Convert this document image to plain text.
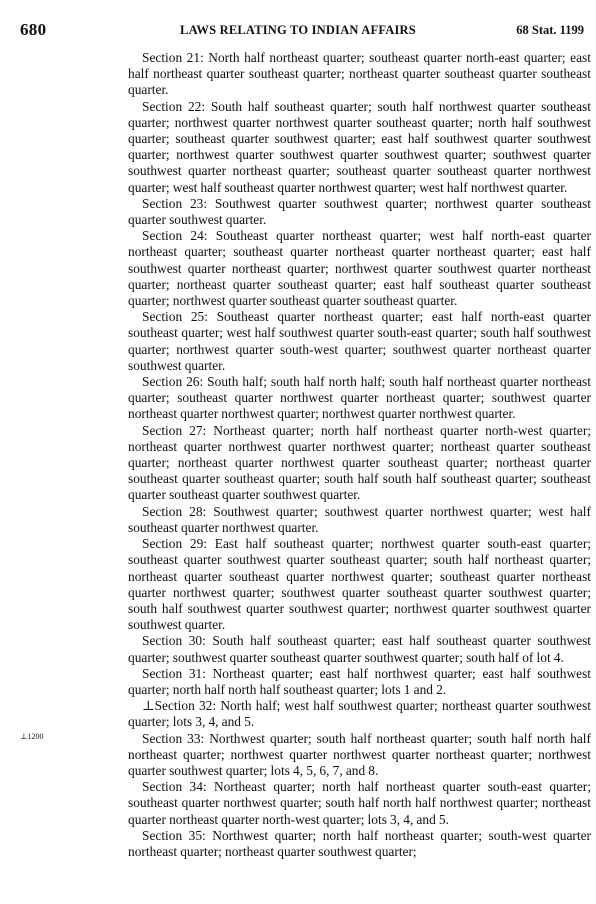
680	LAWS RELATING TO INDIAN AFFAIRS	68 Stat. 1199
⊥1200

Section 21: North half northeast quarter; southeast quarter north-east quarter; east half northeast quarter southeast quarter; northeast quarter southeast quarter southeast quarter.

Section 22: South half southeast quarter; south half northwest quarter southeast quarter; northwest quarter northwest quarter southeast quarter; north half southwest quarter; southeast quarter southwest quarter; east half southwest quarter southwest quarter; northwest quarter southwest quarter southwest quarter; southwest quarter southwest quarter northeast quarter; southeast quarter southeast quarter northwest quarter; west half southeast quarter northwest quarter; west half northwest quarter.

Section 23: Southwest quarter southwest quarter; northwest quarter southeast quarter southwest quarter.

Section 24: Southeast quarter northeast quarter; west half north-east quarter northeast quarter; southeast quarter northeast quarter northeast quarter; east half southwest quarter northeast quarter; northwest quarter southwest quarter northeast quarter; northeast quarter southeast quarter; east half southeast quarter southeast quarter; northwest quarter southeast quarter southeast quarter.

Section 25: Southeast quarter northeast quarter; east half north-east quarter southeast quarter; west half southwest quarter south-east quarter; south half southwest quarter; northwest quarter south-west quarter; southwest quarter northeast quarter southwest quarter.

Section 26: South half; south half north half; south half northeast quarter northeast quarter; southeast quarter northwest quarter northeast quarter; southwest quarter northeast quarter northwest quarter; northwest quarter northwest quarter.

Section 27: Northeast quarter; north half northeast quarter north-west quarter; northeast quarter northwest quarter northwest quarter; northeast quarter southeast quarter; northeast quarter northwest quarter southeast quarter; northeast quarter southeast quarter southeast quarter; south half south half southeast quarter; southeast quarter southeast quarter southwest quarter.

Section 28: Southwest quarter; southwest quarter northwest quarter; west half southeast quarter northwest quarter.

Section 29: East half southeast quarter; northwest quarter south-east quarter; southeast quarter southwest quarter southeast quarter; south half northeast quarter; northeast quarter southeast quarter northwest quarter; southeast quarter northeast quarter northwest quarter; southwest quarter southeast quarter southwest quarter; south half southwest quarter southwest quarter; northwest quarter southwest quarter southwest quarter.

Section 30: South half southeast quarter; east half southeast quarter southwest quarter; southwest quarter southeast quarter southwest quarter; south half of lot 4.

Section 31: Northeast quarter; east half northwest quarter; east half southwest quarter; north half north half southeast quarter; lots 1 and 2.

⊥Section 32: North half; west half southwest quarter; northeast quarter southwest quarter; lots 3, 4, and 5.

Section 33: Northwest quarter; south half northeast quarter; south half north half northeast quarter; northwest quarter northwest quarter northeast quarter; northwest quarter southwest quarter; lots 4, 5, 6, 7, and 8.

Section 34: Northeast quarter; north half northeast quarter south-east quarter; southeast quarter northwest quarter; south half north half northwest quarter; northeast quarter northeast quarter north-west quarter; lots 3, 4, and 5.

Section 35: Northwest quarter; north half northeast quarter; south-west quarter northeast quarter; northeast quarter southwest quarter;
